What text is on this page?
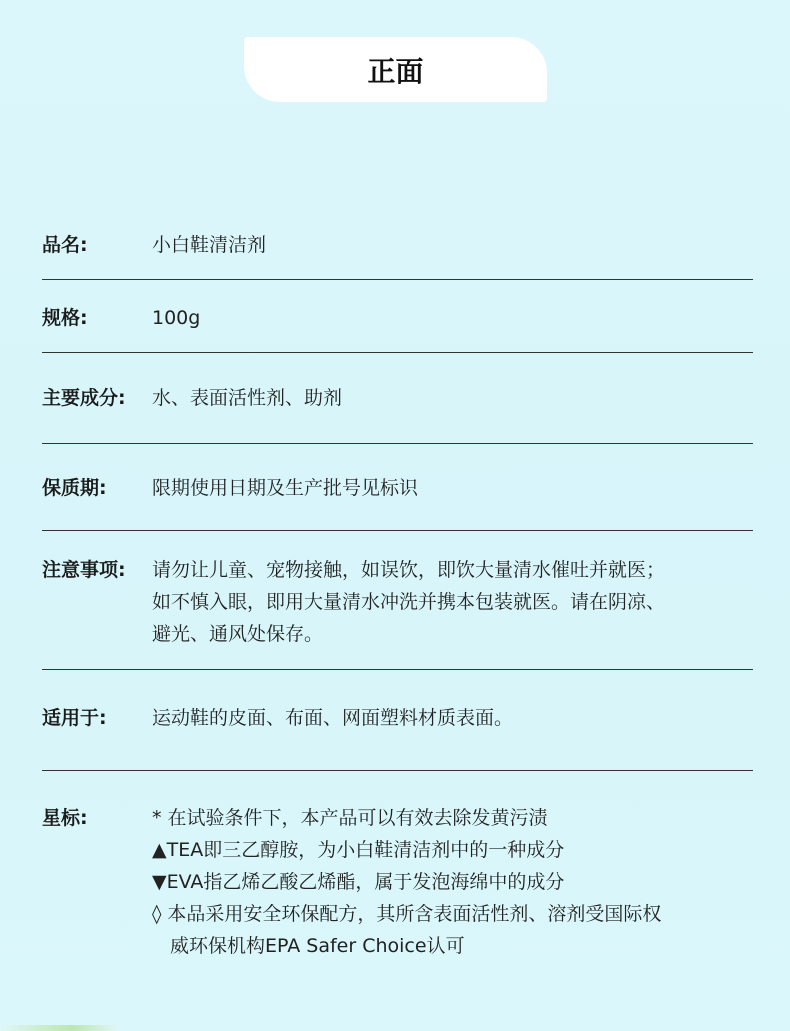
正面
品名:	小白鞋清洁剂
规格:	100g
主要成分:	水、表面活性剂、助剂
保质期:	限期使用日期及生产批号见标识
注意事项:	请勿让儿童、宠物接触，如误饮，即饮大量清水催吐并就医；
如不慎入眼，即用大量清水冲洗并携本包装就医。请在阴凉、
避光、通风处保存。
适用于:	运动鞋的皮面、布面、网面塑料材质表面。
星标:	* 在试验条件下，本产品可以有效去除发黄污渍
▲TEA即三乙醇胺，为小白鞋清洁剂中的一种成分
▼EVA指乙烯乙酸乙烯酯，属于发泡海绵中的成分
◊ 本品采用安全环保配方，其所含表面活性剂、溶剂受国际权
威环保机构EPA Safer Choice认可
